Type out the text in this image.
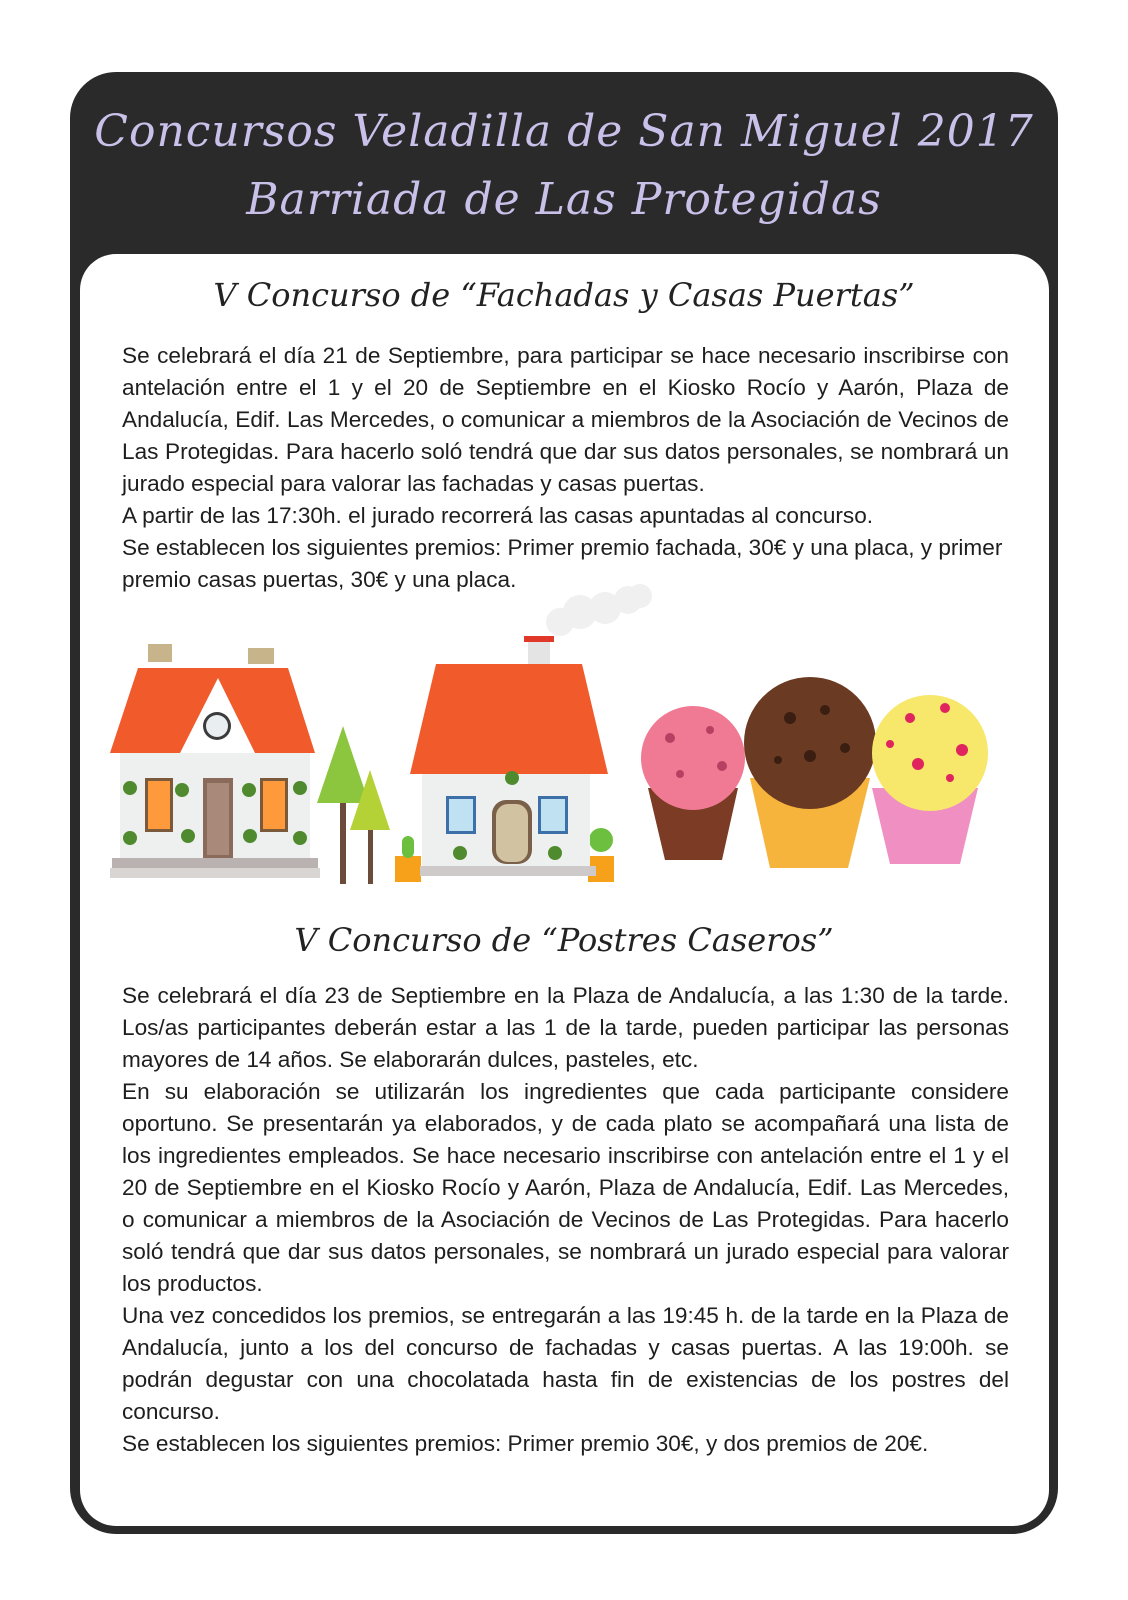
Concursos Veladilla de San Miguel 2017
Barriada de Las Protegidas
V Concurso de “Fachadas y Casas Puertas”

Se celebrará el día 21 de Septiembre, para participar se hace necesario inscribirse con antelación entre el 1 y el 20 de Septiembre en el Kiosko Rocío y Aarón, Plaza de Andalucía, Edif. Las Mercedes, o comunicar a miembros de la Asociación de Vecinos de Las Protegidas. Para hacerlo soló tendrá que dar sus datos personales, se nombrará un jurado especial para valorar las fachadas y casas puertas.

A partir de las 17:30h. el jurado recorrerá las casas apuntadas al concurso.

Se establecen los siguientes premios: Primer premio fachada, 30€ y una placa, y primer premio casas puertas, 30€ y una placa.

V Concurso de “Postres Caseros”

Se celebrará el día 23 de Septiembre en la Plaza de Andalucía, a las 1:30 de la tarde. Los/as participantes deberán estar a las 1 de la tarde, pueden participar las personas mayores de 14 años. Se elaborarán dulces, pasteles, etc.

En su elaboración se utilizarán los ingredientes que cada participante considere oportuno. Se presentarán ya elaborados, y de cada plato se acompañará una lista de los ingredientes empleados. Se hace necesario inscribirse con antelación entre el 1 y el 20 de Septiembre en el Kiosko Rocío y Aarón, Plaza de Andalucía, Edif. Las Mercedes, o comunicar a miembros de la Asociación de Vecinos de Las Protegidas. Para hacerlo soló tendrá que dar sus datos personales, se nombrará un jurado especial para valorar los productos.

Una vez concedidos los premios, se entregarán a las 19:45 h. de la tarde en la Plaza de Andalucía, junto a los del concurso de fachadas y casas puertas. A las 19:00h. se podrán degustar con una chocolatada hasta fin de existencias de los postres del concurso.

Se establecen los siguientes premios: Primer premio 30€, y dos premios de 20€.
